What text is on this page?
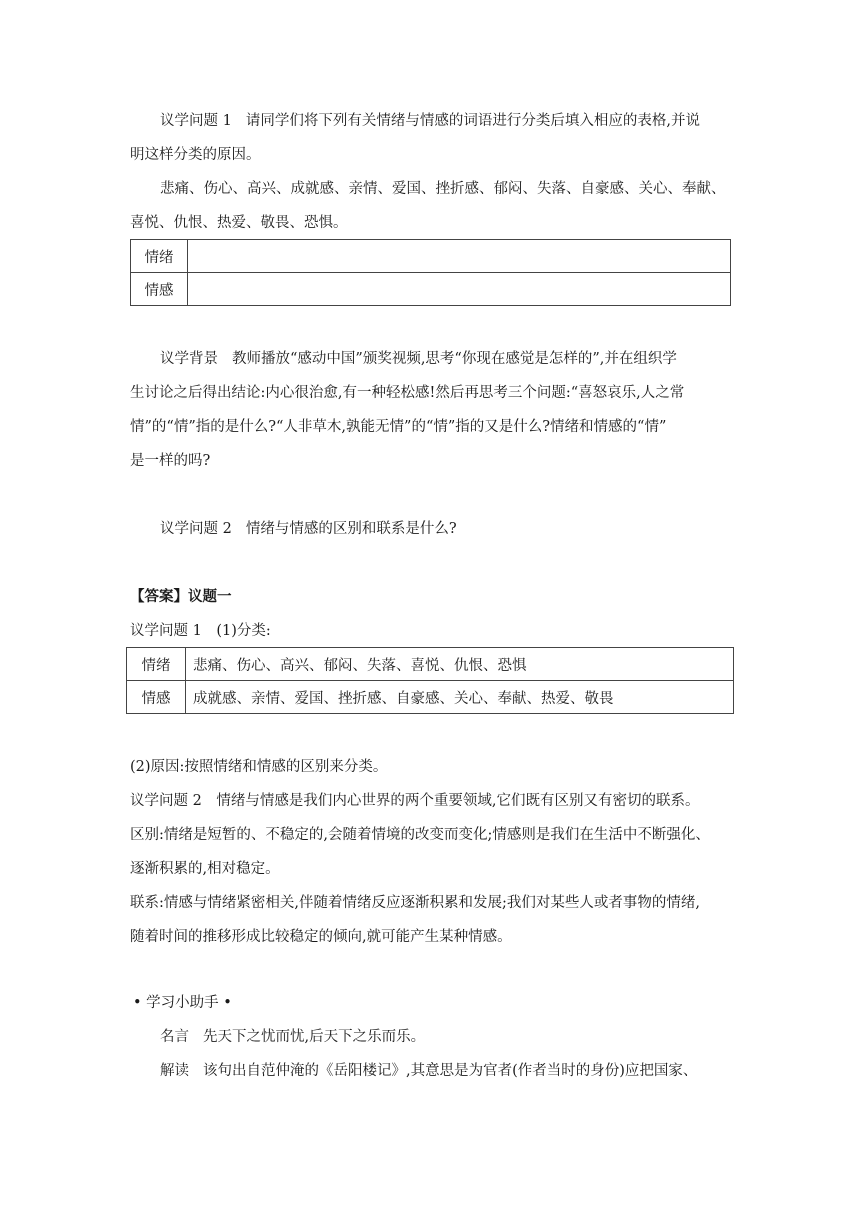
议学问题 1 请同学们将下列有关情绪与情感的词语进行分类后填入相应的表格,并说
明这样分类的原因。
悲痛、伤心、高兴、成就感、亲情、爱国、挫折感、郁闷、失落、自豪感、关心、奉献、
喜悦、仇恨、热爱、敬畏、恐惧。
情绪	
情感	
议学背景 教师播放“感动中国”颁奖视频,思考“你现在感觉是怎样的”,并在组织学
生讨论之后得出结论:内心很治愈,有一种轻松感!然后再思考三个问题:“喜怒哀乐,人之常
情”的“情”指的是什么?“人非草木,孰能无情”的“情”指的又是什么?情绪和情感的“情”
是一样的吗?
议学问题 2 情绪与情感的区别和联系是什么?
【答案】议题一
议学问题 1　(1)分类:
情绪	悲痛、伤心、高兴、郁闷、失落、喜悦、仇恨、恐惧
情感	成就感、亲情、爱国、挫折感、自豪感、关心、奉献、热爱、敬畏
(2)原因:按照情绪和情感的区别来分类。
议学问题 2　情绪与情感是我们内心世界的两个重要领域,它们既有区别又有密切的联系。
区别:情绪是短暂的、不稳定的,会随着情境的改变而变化;情感则是我们在生活中不断强化、
逐渐积累的,相对稳定。
联系:情感与情绪紧密相关,伴随着情绪反应逐渐积累和发展;我们对某些人或者事物的情绪,
随着时间的推移形成比较稳定的倾向,就可能产生某种情感。
• 学习小助手 •
名言 先天下之忧而忧,后天下之乐而乐。
解读 该句出自范仲淹的《岳阳楼记》,其意思是为官者(作者当时的身份)应把国家、
